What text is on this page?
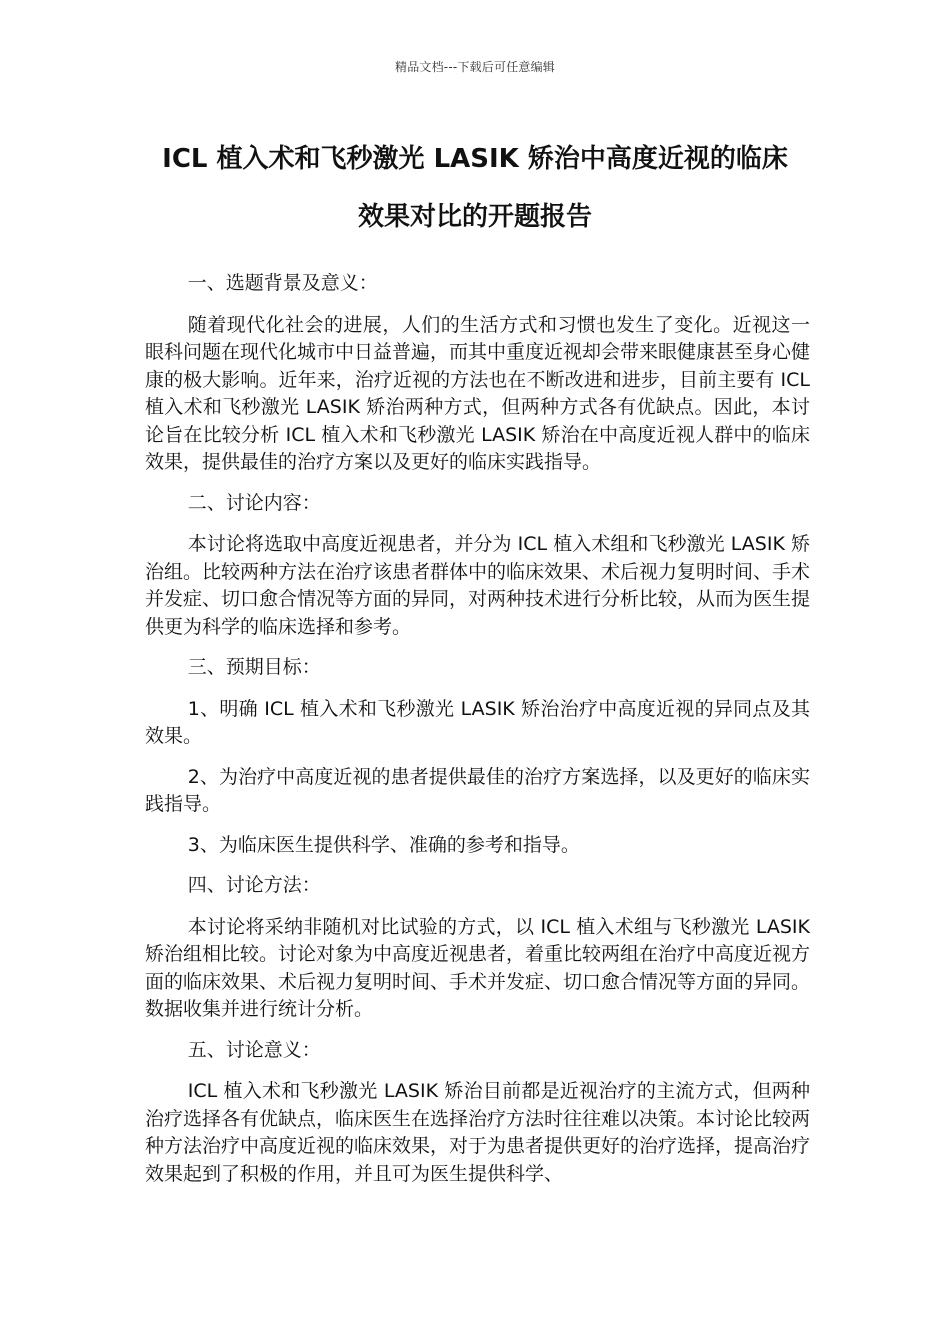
精品文档---下载后可任意编辑
ICL 植入术和飞秒激光 LASIK 矫治中高度近视的临床
效果对比的开题报告

一、选题背景及意义：

随着现代化社会的进展，人们的生活方式和习惯也发生了变化。近视这一眼科问题在现代化城市中日益普遍，而其中重度近视却会带来眼健康甚至身心健康的极大影响。近年来，治疗近视的方法也在不断改进和进步，目前主要有 ICL 植入术和飞秒激光 LASIK 矫治两种方式，但两种方式各有优缺点。因此，本讨论旨在比较分析 ICL 植入术和飞秒激光 LASIK 矫治在中高度近视人群中的临床效果，提供最佳的治疗方案以及更好的临床实践指导。

二、讨论内容：

本讨论将选取中高度近视患者，并分为 ICL 植入术组和飞秒激光 LASIK 矫治组。比较两种方法在治疗该患者群体中的临床效果、术后视力复明时间、手术并发症、切口愈合情况等方面的异同，对两种技术进行分析比较，从而为医生提供更为科学的临床选择和参考。

三、预期目标：

1、明确 ICL 植入术和飞秒激光 LASIK 矫治治疗中高度近视的异同点及其效果。

2、为治疗中高度近视的患者提供最佳的治疗方案选择，以及更好的临床实践指导。

3、为临床医生提供科学、准确的参考和指导。

四、讨论方法：

本讨论将采纳非随机对比试验的方式，以 ICL 植入术组与飞秒激光 LASIK 矫治组相比较。讨论对象为中高度近视患者，着重比较两组在治疗中高度近视方面的临床效果、术后视力复明时间、手术并发症、切口愈合情况等方面的异同。 数据收集并进行统计分析。

五、讨论意义：

ICL 植入术和飞秒激光 LASIK 矫治目前都是近视治疗的主流方式，但两种治疗选择各有优缺点，临床医生在选择治疗方法时往往难以决策。本讨论比较两种方法治疗中高度近视的临床效果，对于为患者提供更好的治疗选择，提高治疗效果起到了积极的作用，并且可为医生提供科学、
